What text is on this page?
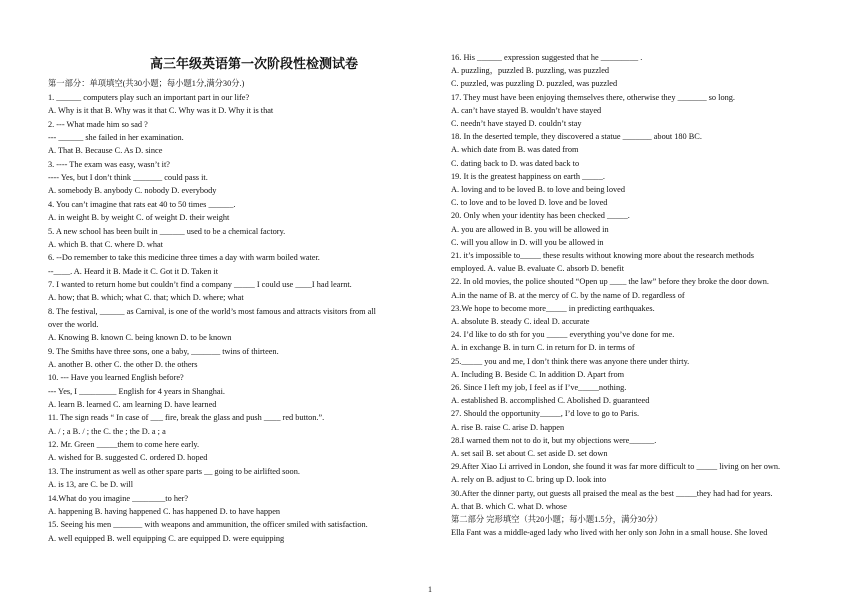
高三年级英语第一次阶段性检测试卷
第一部分：单项填空(共30小题；每小题1分,满分30分.)
1. ______ computers play such an important part in our life?
A. Why is it that B. Why was it that C. Why was it D. Why it is that
2. --- What made him so sad ?
--- ______ she failed in her examination.
A. That B. Because C. As D. since
3. ---- The exam was easy, wasn’t it?
---- Yes, but I don’t think _______ could pass it.
A. somebody B. anybody C. nobody D. everybody
4. You can’t imagine that rats eat 40 to 50 times ______.
A. in weight B. by weight C. of weight D. their weight
5. A new school has been built in ______ used to be a chemical factory.
A. which B. that C. where D. what
6. --Do remember to take this medicine three times a day with warm boiled water.
--____. A. Heard it B. Made it C. Got it D. Taken it
7. I wanted to return home but couldn’t find a company _____ I could use ____I had learnt.
A. how; that B. which; what C. that; which D. where; what
8. The festival, ______ as Carnival, is one of the world’s most famous and attracts visitors from all
over the world.
A. Knowing B. known C. being known D. to be known
9. The Smiths have three sons, one a baby, _______ twins of thirteen.
A. another B. other C. the other D. the others
10. --- Have you learned English before?
--- Yes, I _________ English for 4 years in Shanghai.
A. learn B. learned C. am learning D. have learned
11. The sign reads “ In case of ___ fire, break the glass and push ____ red button.”.
A. / ; a B. / ; the C. the ; the D. a ; a
12. Mr. Green _____them to come here early.
A. wished for B. suggested C. ordered D. hoped
13. The instrument as well as other spare parts __ going to be airlifted soon.
A. is 13, are C. be D. will
14.What do you imagine ________to her?
A. happening B. having happened C. has happened D. to have happen
15. Seeing his men _______ with weapons and ammunition, the officer smiled with satisfaction.
A. well equipped B. well equipping C. are equipped D. were equipping
16. His ______ expression suggested that he _________ .
A. puzzling，puzzled B. puzzling, was puzzled
C. puzzled, was puzzling D. puzzled, was puzzled
17. They must have been enjoying themselves there, otherwise they _______ so long.
A. can’t have stayed B. wouldn’t have stayed
C. needn’t have stayed D. couldn’t stay
18. In the deserted temple, they discovered a statue _______ about 180 BC.
A. which date from B. was dated from
C. dating back to D. was dated back to
19. It is the greatest happiness on earth _____.
A. loving and to be loved B. to love and being loved
C. to love and to be loved D. love and be loved
20. Only when your identity has been checked _____.
A. you are allowed in B. you will be allowed in
C. will you allow in D. will you be allowed in
21. it’s impossible to_____ these results without knowing more about the research methods
employed. A. value B. evaluate C. absorb D. benefit
22. In old movies, the police shouted “Open up ____ the law” before they broke the door down.
A.in the name of B. at the mercy of C. by the name of D. regardless of
23.We hope to become more_____ in predicting earthquakes.
A. absolute B. steady C. ideal D. accurate
24. I’d like to do sth for you _____ everything you’ve done for me.
A. in exchange B. in turn C. in return for D. in terms of
25._____ you and me, I don’t think there was anyone there under thirty.
A. Including B. Beside C. In addition D. Apart from
26. Since I left my job, I feel as if I’ve_____nothing.
A. established B. accomplished C. Abolished D. guaranteed
27. Should the opportunity_____, I’d love to go to Paris.
A. rise B. raise C. arise D. happen
28.I warned them not to do it, but my objections were______.
A. set sail B. set about C. set aside D. set down
29.After Xiao Li arrived in London, she found it was far more difficult to _____ living on her own.
A. rely on B. adjust to C. bring up D. look into
30.After the dinner party, out guests all praised the meal as the best _____they had had for years.
A. that B. which C. what D. whose
第二部分 完形填空（共20小题；每小题1.5分，满分30分）
Ella Fant was a middle-aged lady who lived with her only son John in a small house. She loved
1
